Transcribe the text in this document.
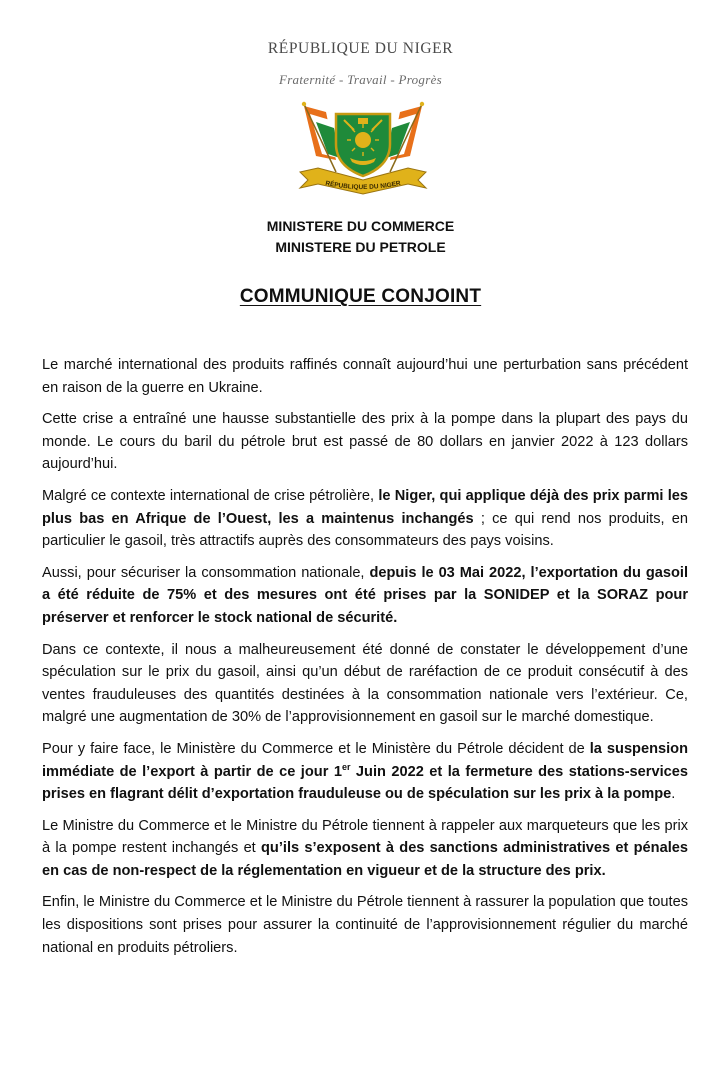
RÉPUBLIQUE DU NIGER
Fraternité - Travail - Progrès
RÉPUBLIQUE DU NIGER
MINISTERE DU COMMERCE
MINISTERE DU PETROLE
COMMUNIQUE CONJOINT

Le marché international des produits raffinés connaît aujourd’hui une perturbation sans précédent en raison de la guerre en Ukraine.

Cette crise a entraîné une hausse substantielle des prix à la pompe dans la plupart des pays du monde. Le cours du baril du pétrole brut est passé de 80 dollars en janvier 2022 à 123 dollars aujourd’hui.

Malgré ce contexte international de crise pétrolière, le Niger, qui applique déjà des prix parmi les plus bas en Afrique de l’Ouest, les a maintenus inchangés ; ce qui rend nos produits, en particulier le gasoil, très attractifs auprès des consommateurs des pays voisins.

Aussi, pour sécuriser la consommation nationale, depuis le 03 Mai 2022, l’exportation du gasoil a été réduite de 75% et des mesures ont été prises par la SONIDEP et la SORAZ pour préserver et renforcer le stock national de sécurité.

Dans ce contexte, il nous a malheureusement été donné de constater le développement d’une spéculation sur le prix du gasoil, ainsi qu’un début de raréfaction de ce produit consécutif à des ventes frauduleuses des quantités destinées à la consommation nationale vers l’extérieur. Ce, malgré une augmentation de 30% de l’approvisionnement en gasoil sur le marché domestique.

Pour y faire face, le Ministère du Commerce et le Ministère du Pétrole décident de la suspension immédiate de l’export à partir de ce jour 1er Juin 2022 et la fermeture des stations-services prises en flagrant délit d’exportation frauduleuse ou de spéculation sur les prix à la pompe.

Le Ministre du Commerce et le Ministre du Pétrole tiennent à rappeler aux marqueteurs que les prix à la pompe restent inchangés et qu’ils s’exposent à des sanctions administratives et pénales en cas de non-respect de la réglementation en vigueur et de la structure des prix.

Enfin, le Ministre du Commerce et le Ministre du Pétrole tiennent à rassurer la population que toutes les dispositions sont prises pour assurer la continuité de l’approvisionnement régulier du marché national en produits pétroliers.
